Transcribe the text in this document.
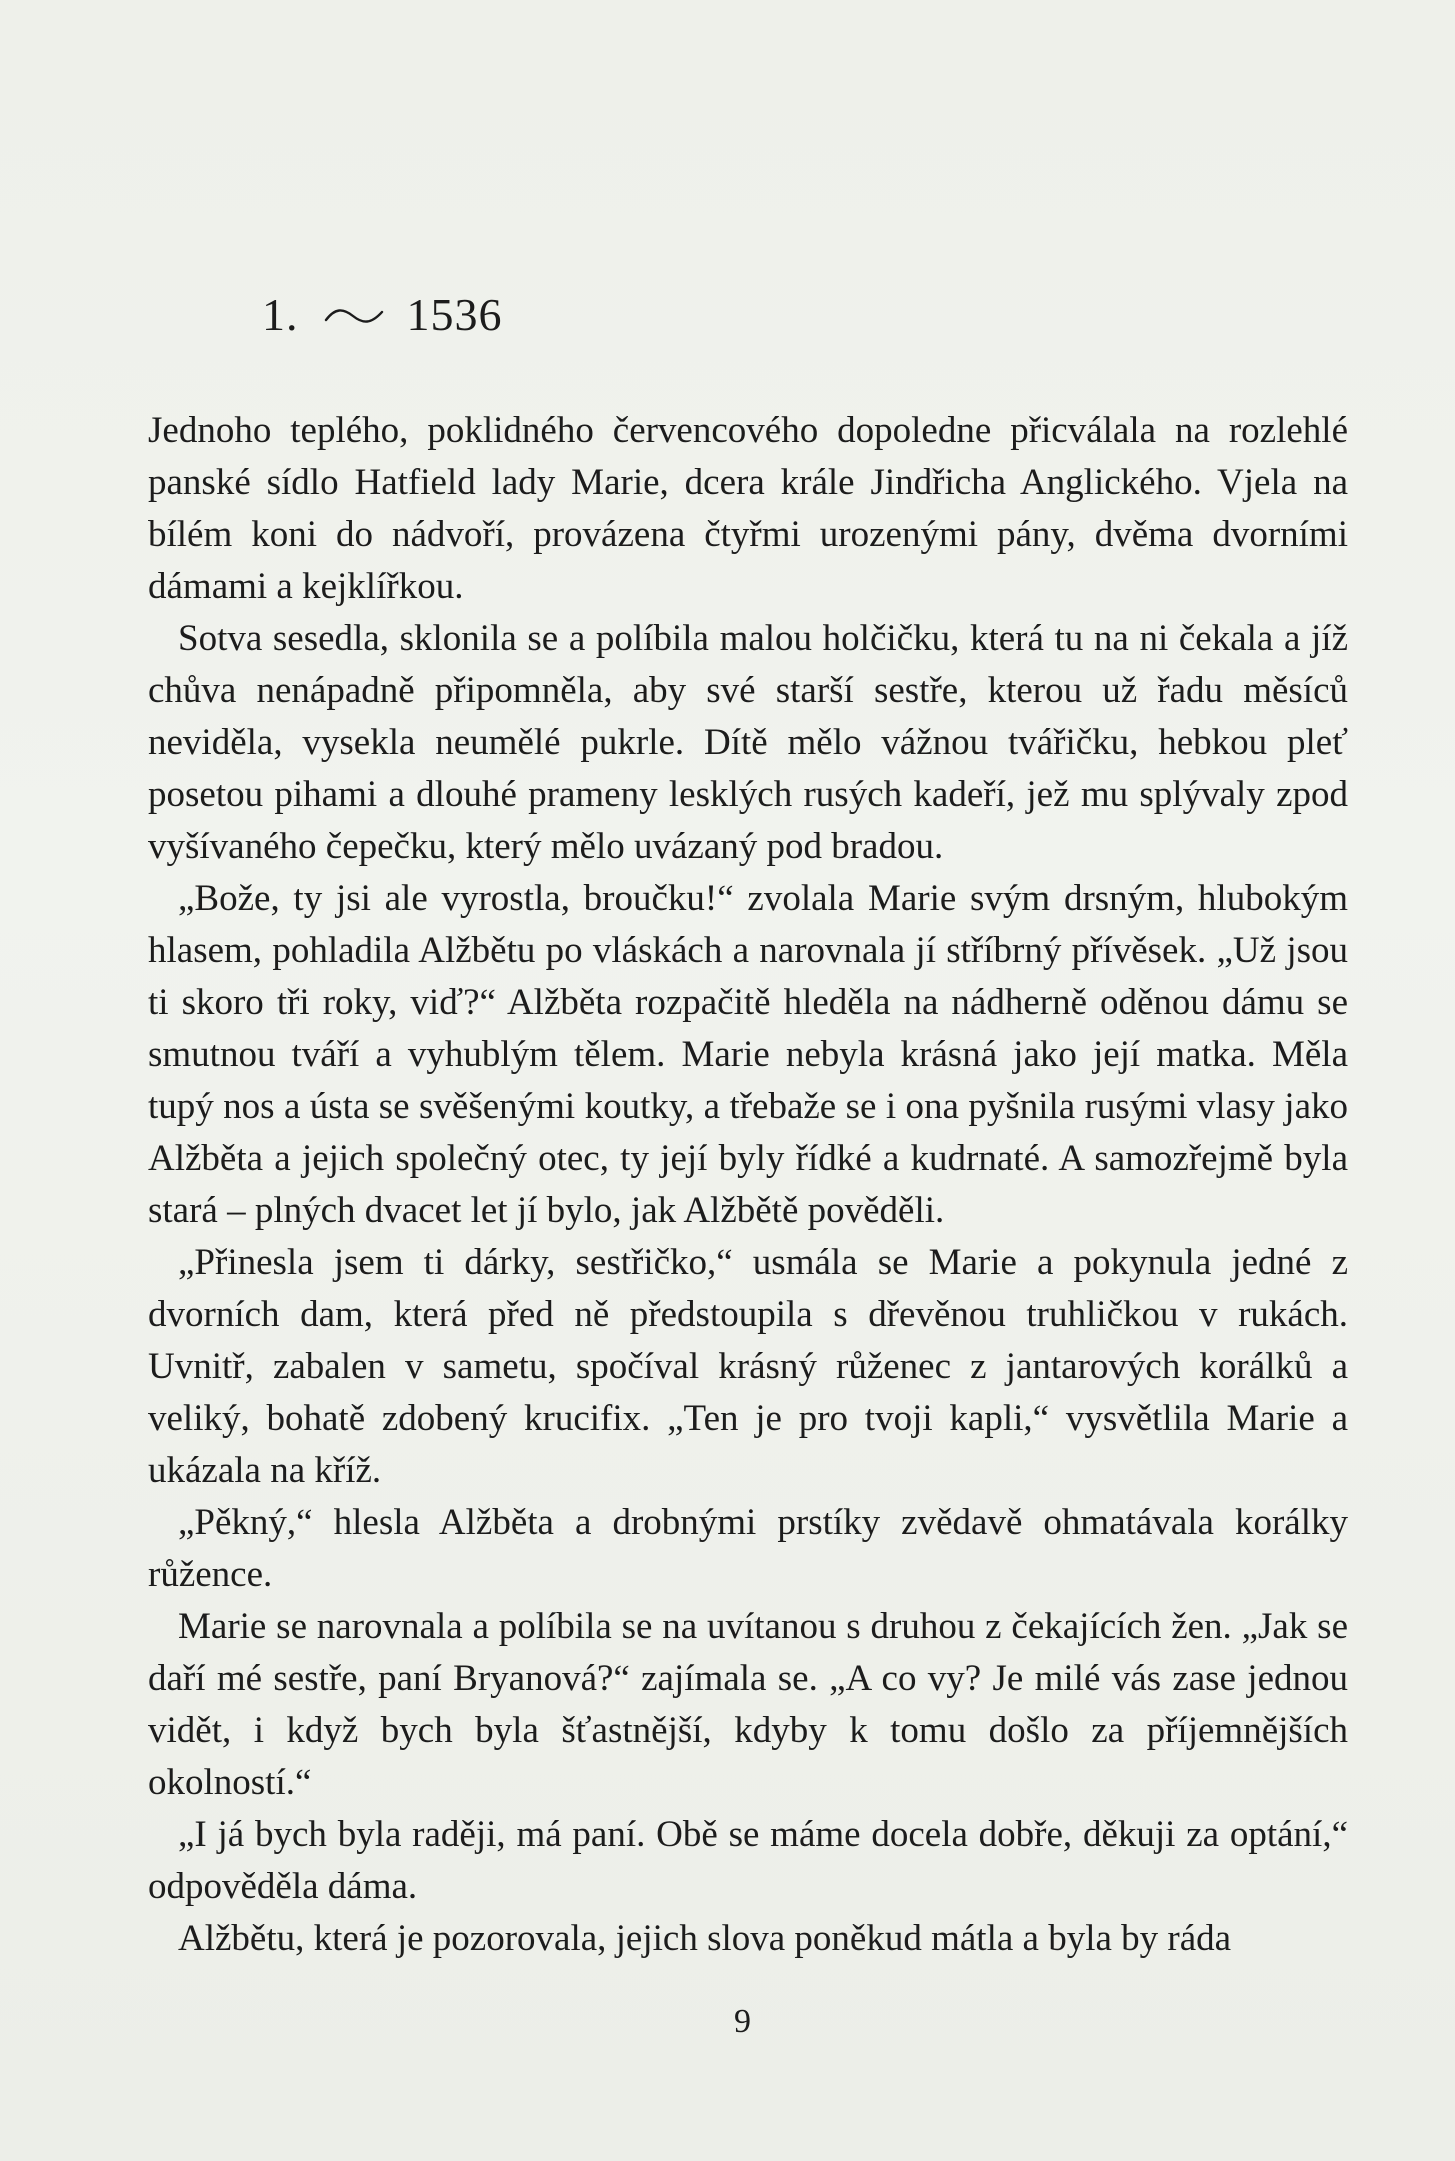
1. 1536

Jednoho teplého, poklidného červencového dopoledne přicválala na rozlehlé panské sídlo Hatfield lady Marie, dcera krále Jindřicha Anglického. Vjela na bílém koni do nádvoří, provázena čtyřmi urozenými pány, dvěma dvorními dámami a kejklířkou.

Sotva sesedla, sklonila se a políbila malou holčičku, která tu na ni čekala a jíž chůva nenápadně připomněla, aby své starší sestře, kterou už řadu měsíců neviděla, vysekla neumělé pukrle. Dítě mělo vážnou tvářičku, hebkou pleť posetou pihami a dlouhé prameny lesklých rusých kadeří, jež mu splývaly zpod vyšívaného čepečku, který mělo uvázaný pod bradou.

„Bože, ty jsi ale vyrostla, broučku!“ zvolala Marie svým drsným, hlubokým hlasem, pohladila Alžbětu po vláskách a narovnala jí stříbrný přívěsek. „Už jsou ti skoro tři roky, viď?“ Alžběta rozpačitě hleděla na nádherně oděnou dámu se smutnou tváří a vyhublým tělem. Marie nebyla krásná jako její matka. Měla tupý nos a ústa se svěšenými koutky, a třebaže se i ona pyšnila rusými vlasy jako Alžběta a jejich společný otec, ty její byly řídké a kudrnaté. A samozřejmě byla stará – plných dvacet let jí bylo, jak Alžbětě pověděli.

„Přinesla jsem ti dárky, sestřičko,“ usmála se Marie a pokynula jedné z dvorních dam, která před ně předstoupila s dřevěnou truhličkou v rukách. Uvnitř, zabalen v sametu, spočíval krásný růženec z jantarových korálků a veliký, bohatě zdobený krucifix. „Ten je pro tvoji kapli,“ vysvětlila Marie a ukázala na kříž.

„Pěkný,“ hlesla Alžběta a drobnými prstíky zvědavě ohmatávala korálky růžence.

Marie se narovnala a políbila se na uvítanou s druhou z čekajících žen. „Jak se daří mé sestře, paní Bryanová?“ zajímala se. „A co vy? Je milé vás zase jednou vidět, i když bych byla šťastnější, kdyby k tomu došlo za příjemnějších okolností.“

„I já bych byla raději, má paní. Obě se máme docela dobře, děkuji za optání,“ odpověděla dáma.

Alžbětu, která je pozorovala, jejich slova poněkud mátla a byla by ráda

9
